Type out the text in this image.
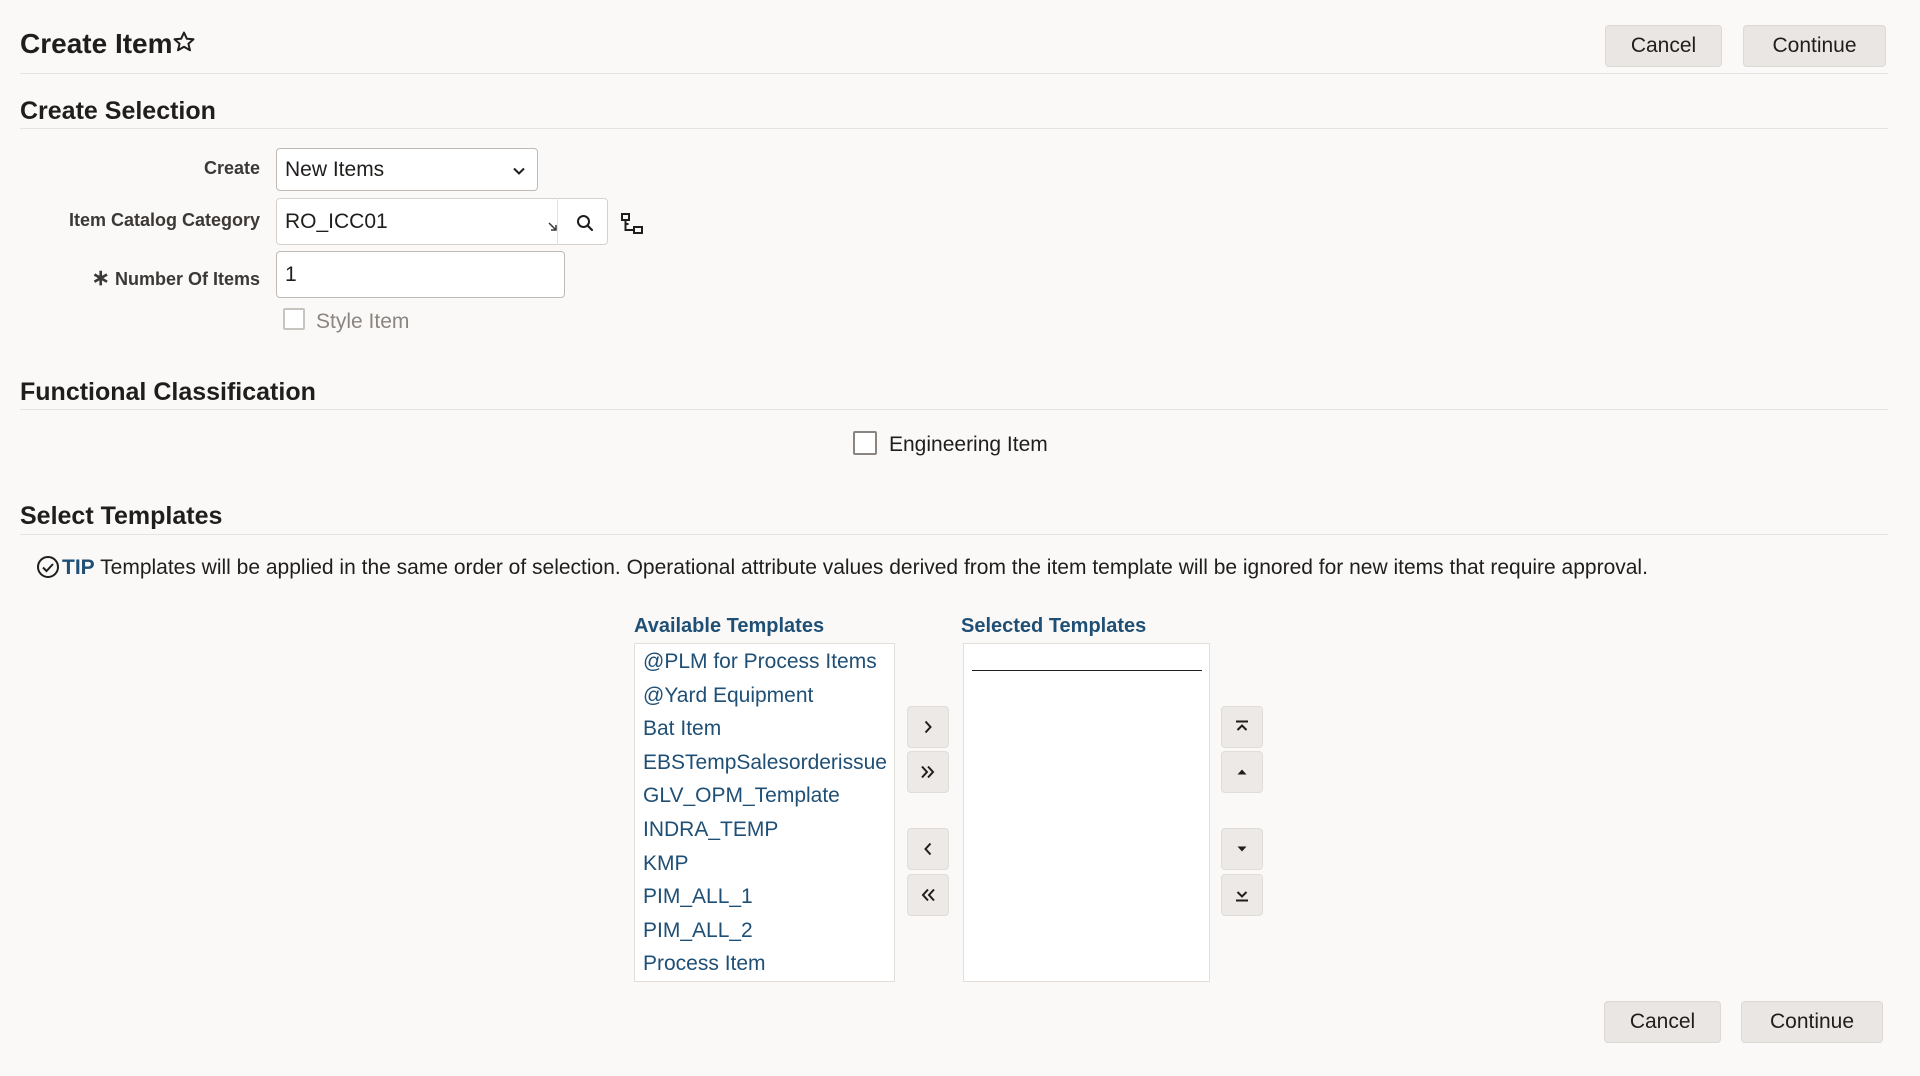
Create Item	Cancel	Continue
Create Selection
Create New Items
Item Catalog Category RO_ICC01
∗ Number Of Items 1
Style Item
Functional Classification
Engineering Item
Select Templates
TIP Templates will be applied in the same order of selection. Operational attribute values derived from the item template will be ignored for new items that require approval.
Available Templates	Selected Templates
@PLM for Process Items
@Yard Equipment
Bat Item
EBSTempSalesorderissue
GLV_OPM_Template
INDRA_TEMP
KMP
PIM_ALL_1
PIM_ALL_2
Process Item
Cancel	Continue
